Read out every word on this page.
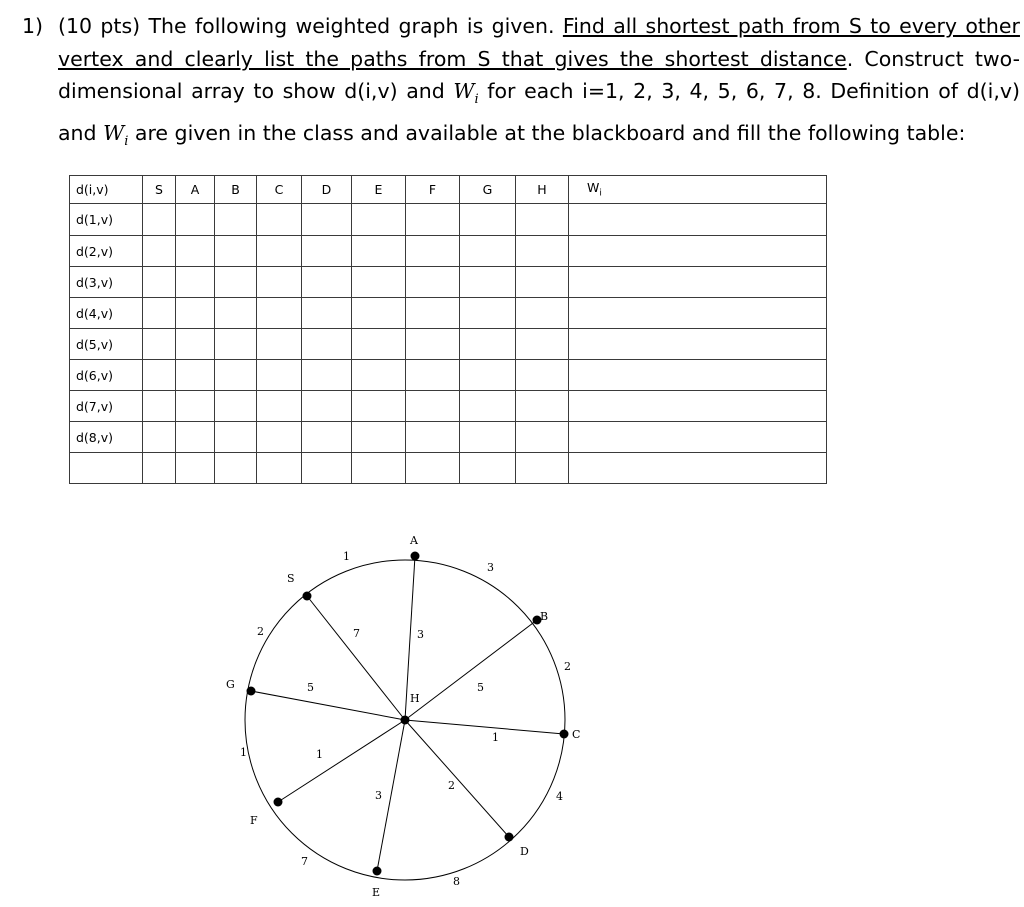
1) (10 pts) The following weighted graph is given. Find all shortest path from S to every other vertex and clearly list the paths from S that gives the shortest distance. Construct two-dimensional array to show d(i,v) and $W_i$ for each i=1, 2, 3, 4, 5, 6, 7, 8. Definition of d(i,v) and $W_i$ are given in the class and available at the blackboard and fill the following table:
d(i,v)	S	A	B	C	D	E	F	G	H	$W_i$
d(1,v)										
d(2,v)										
d(3,v)										
d(4,v)										
d(5,v)										
d(6,v)										
d(7,v)										
d(8,v)										

S
A
B
C
D
E
F
G
H
1
3
2
4
8
7
1
2	7	3
5
1
2
3
1
5
